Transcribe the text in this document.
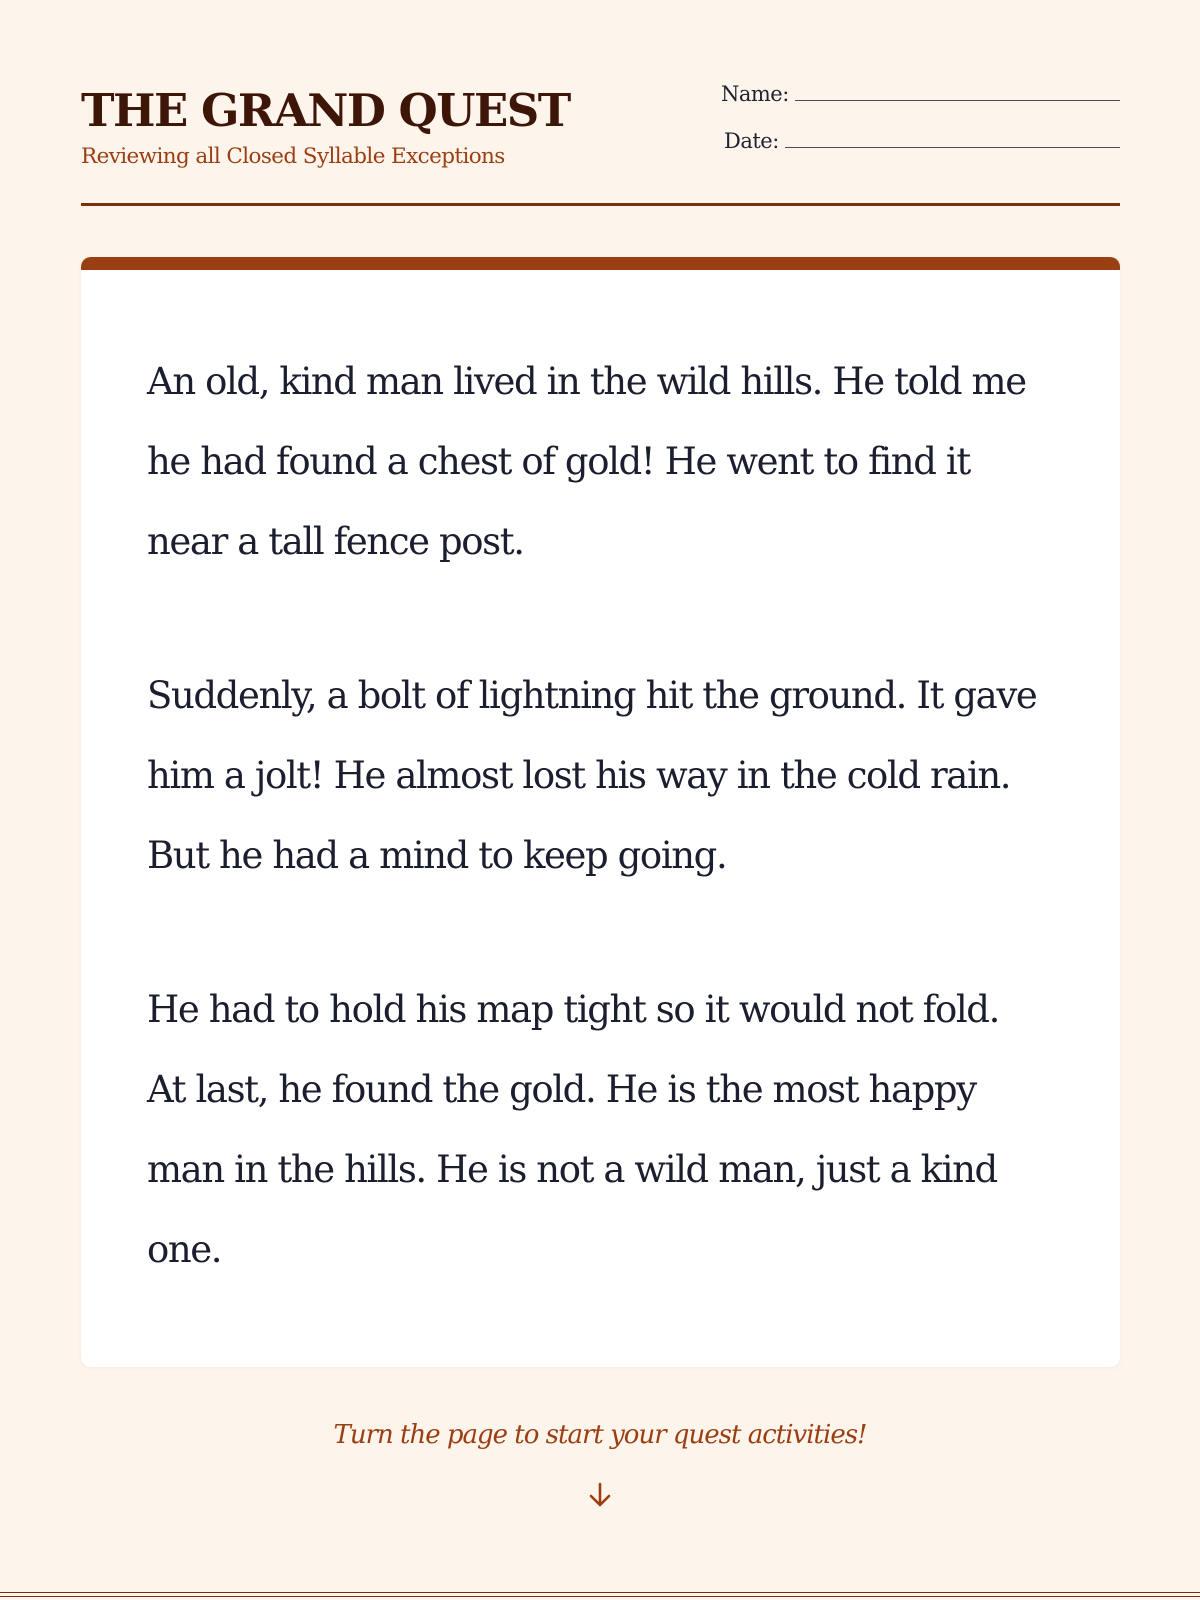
THE GRAND QUEST
Reviewing all Closed Syllable Exceptions
Name:
Date:

An old, kind man lived in the wild hills. He told me he had found a chest of gold! He went to find it near a tall fence post.

Suddenly, a bolt of lightning hit the ground. It gave him a jolt! He almost lost his way in the cold rain. But he had a mind to keep going.

He had to hold his map tight so it would not fold. At last, he found the gold. He is the most happy man in the hills. He is not a wild man, just a kind one.

Turn the page to start your quest activities!
